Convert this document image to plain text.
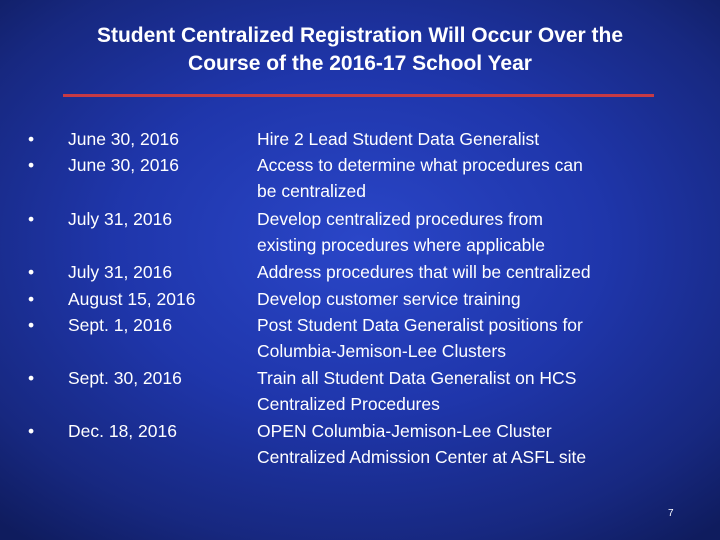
Student Centralized Registration Will Occur Over the
Course of the 2016-17 School Year
• June 30, 2016
• June 30, 2016
• July 31, 2016
• July 31, 2016
• August 15, 2016
• Sept. 1, 2016
• Sept. 30, 2016
• Dec. 18, 2016
Hire 2 Lead Student Data Generalist
Access to determine what procedures can
be centralized
Develop centralized procedures from
existing procedures where applicable
Address procedures that will be centralized
Develop customer service training
Post Student Data Generalist positions for
Columbia-Jemison-Lee Clusters
Train all Student Data Generalist on HCS
Centralized Procedures
OPEN Columbia-Jemison-Lee Cluster
Centralized Admission Center at ASFL site
7
